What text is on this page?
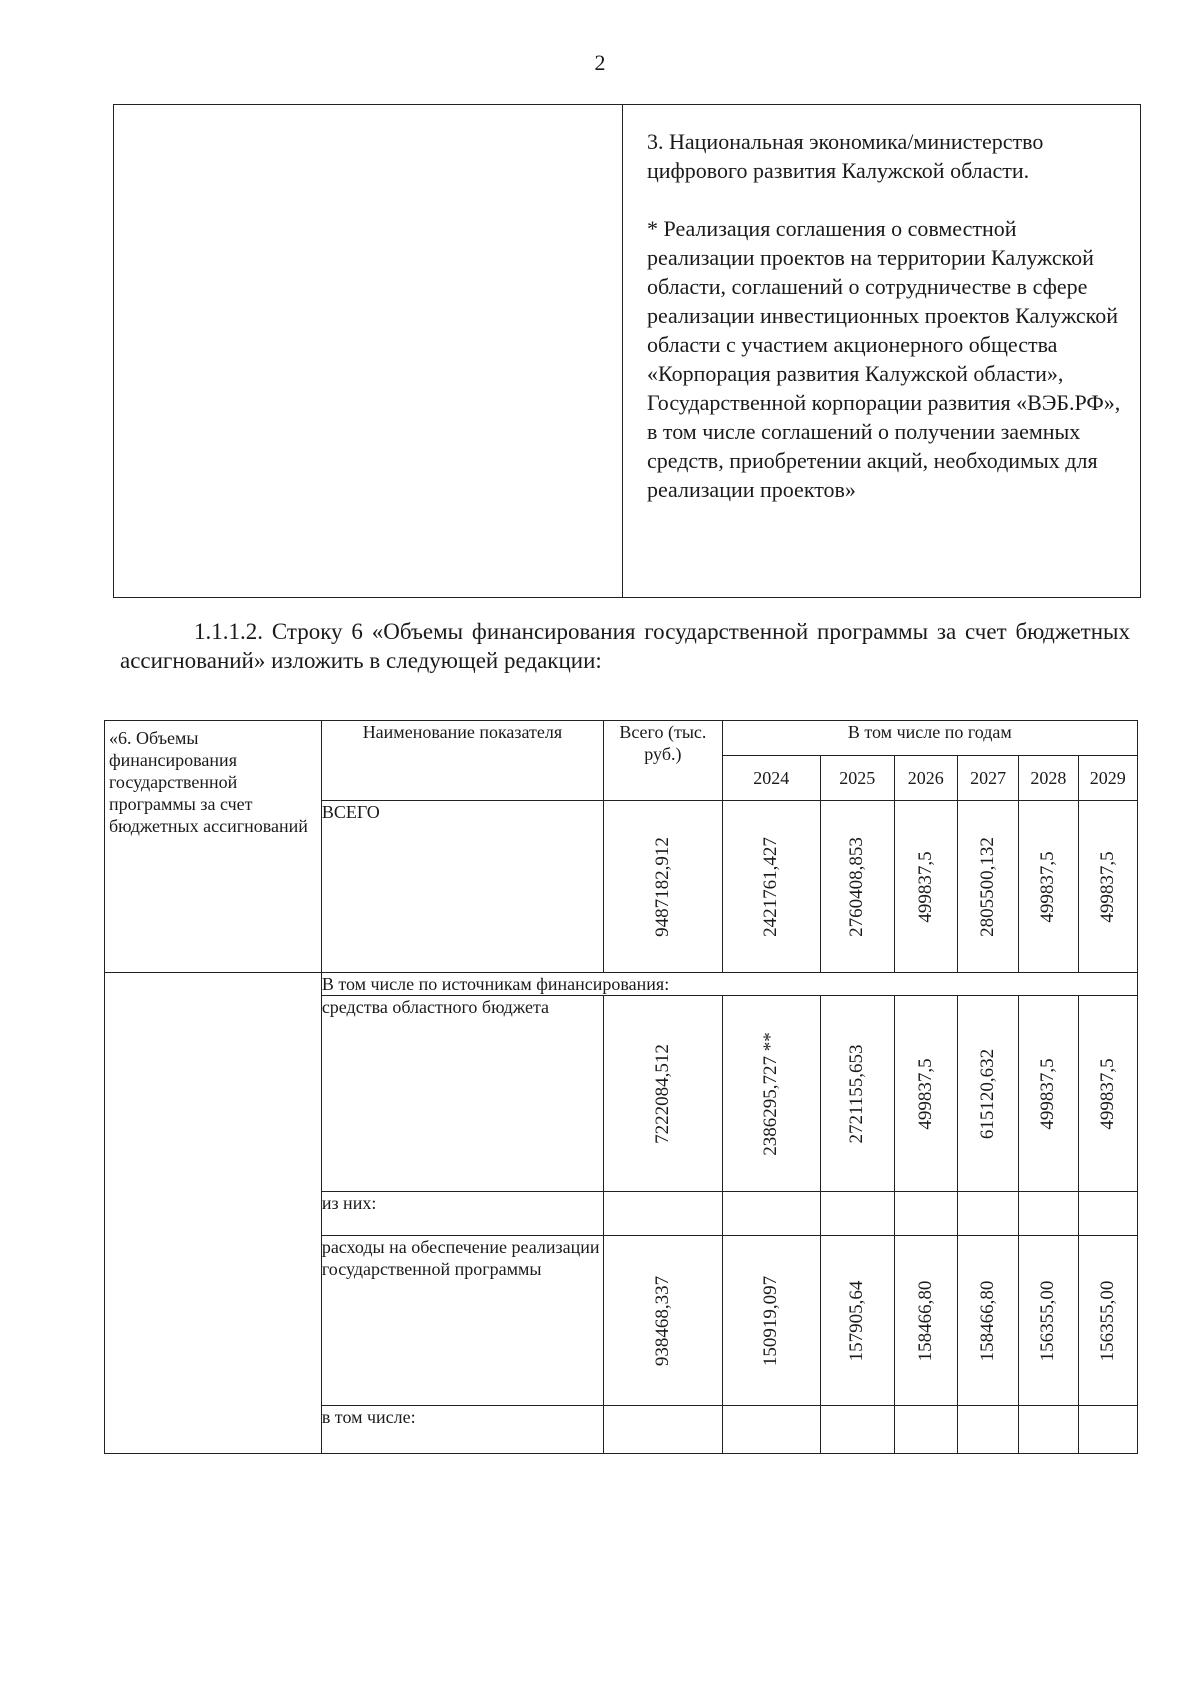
2

3. Национальная экономика/министерство цифрового развития Калужской области.

* Реализация соглашения о совместной реализации проектов на территории Калужской области, соглашений о сотрудничестве в сфере реализации инвестиционных проектов Калужской области с участием акционерного общества «Корпорация развития Калужской области», Государственной корпорации развития «ВЭБ.РФ», в том числе соглашений о получении заемных средств, приобретении акций, необходимых для реализации проектов»

1.1.1.2. Строку 6 «Объемы финансирования государственной программы за счет бюджетных ассигнований» изложить в следующей редакции:
«6. Объемы финансирования государственной программы за счет бюджетных ассигнований	Наименование показателя	Всего (тыс. руб.)	В том числе по годам					
			2024	2025	2026	2027	2028	2029
	ВСЕГО	9487182,912	2421761,427	2760408,853	499837,5	2805500,132	499837,5	499837,5

	В том числе по источникам финансирования:							
	средства областного бюджета	7222084,512	2386295,727 **	2721155,653	499837,5	615120,632	499837,5	499837,5

	из них:							
	расходы на обеспечение реализации государственной программы	938468,337	150919,097	157905,64	158466,80	158466,80	156355,00	156355,00

	в том числе:							
